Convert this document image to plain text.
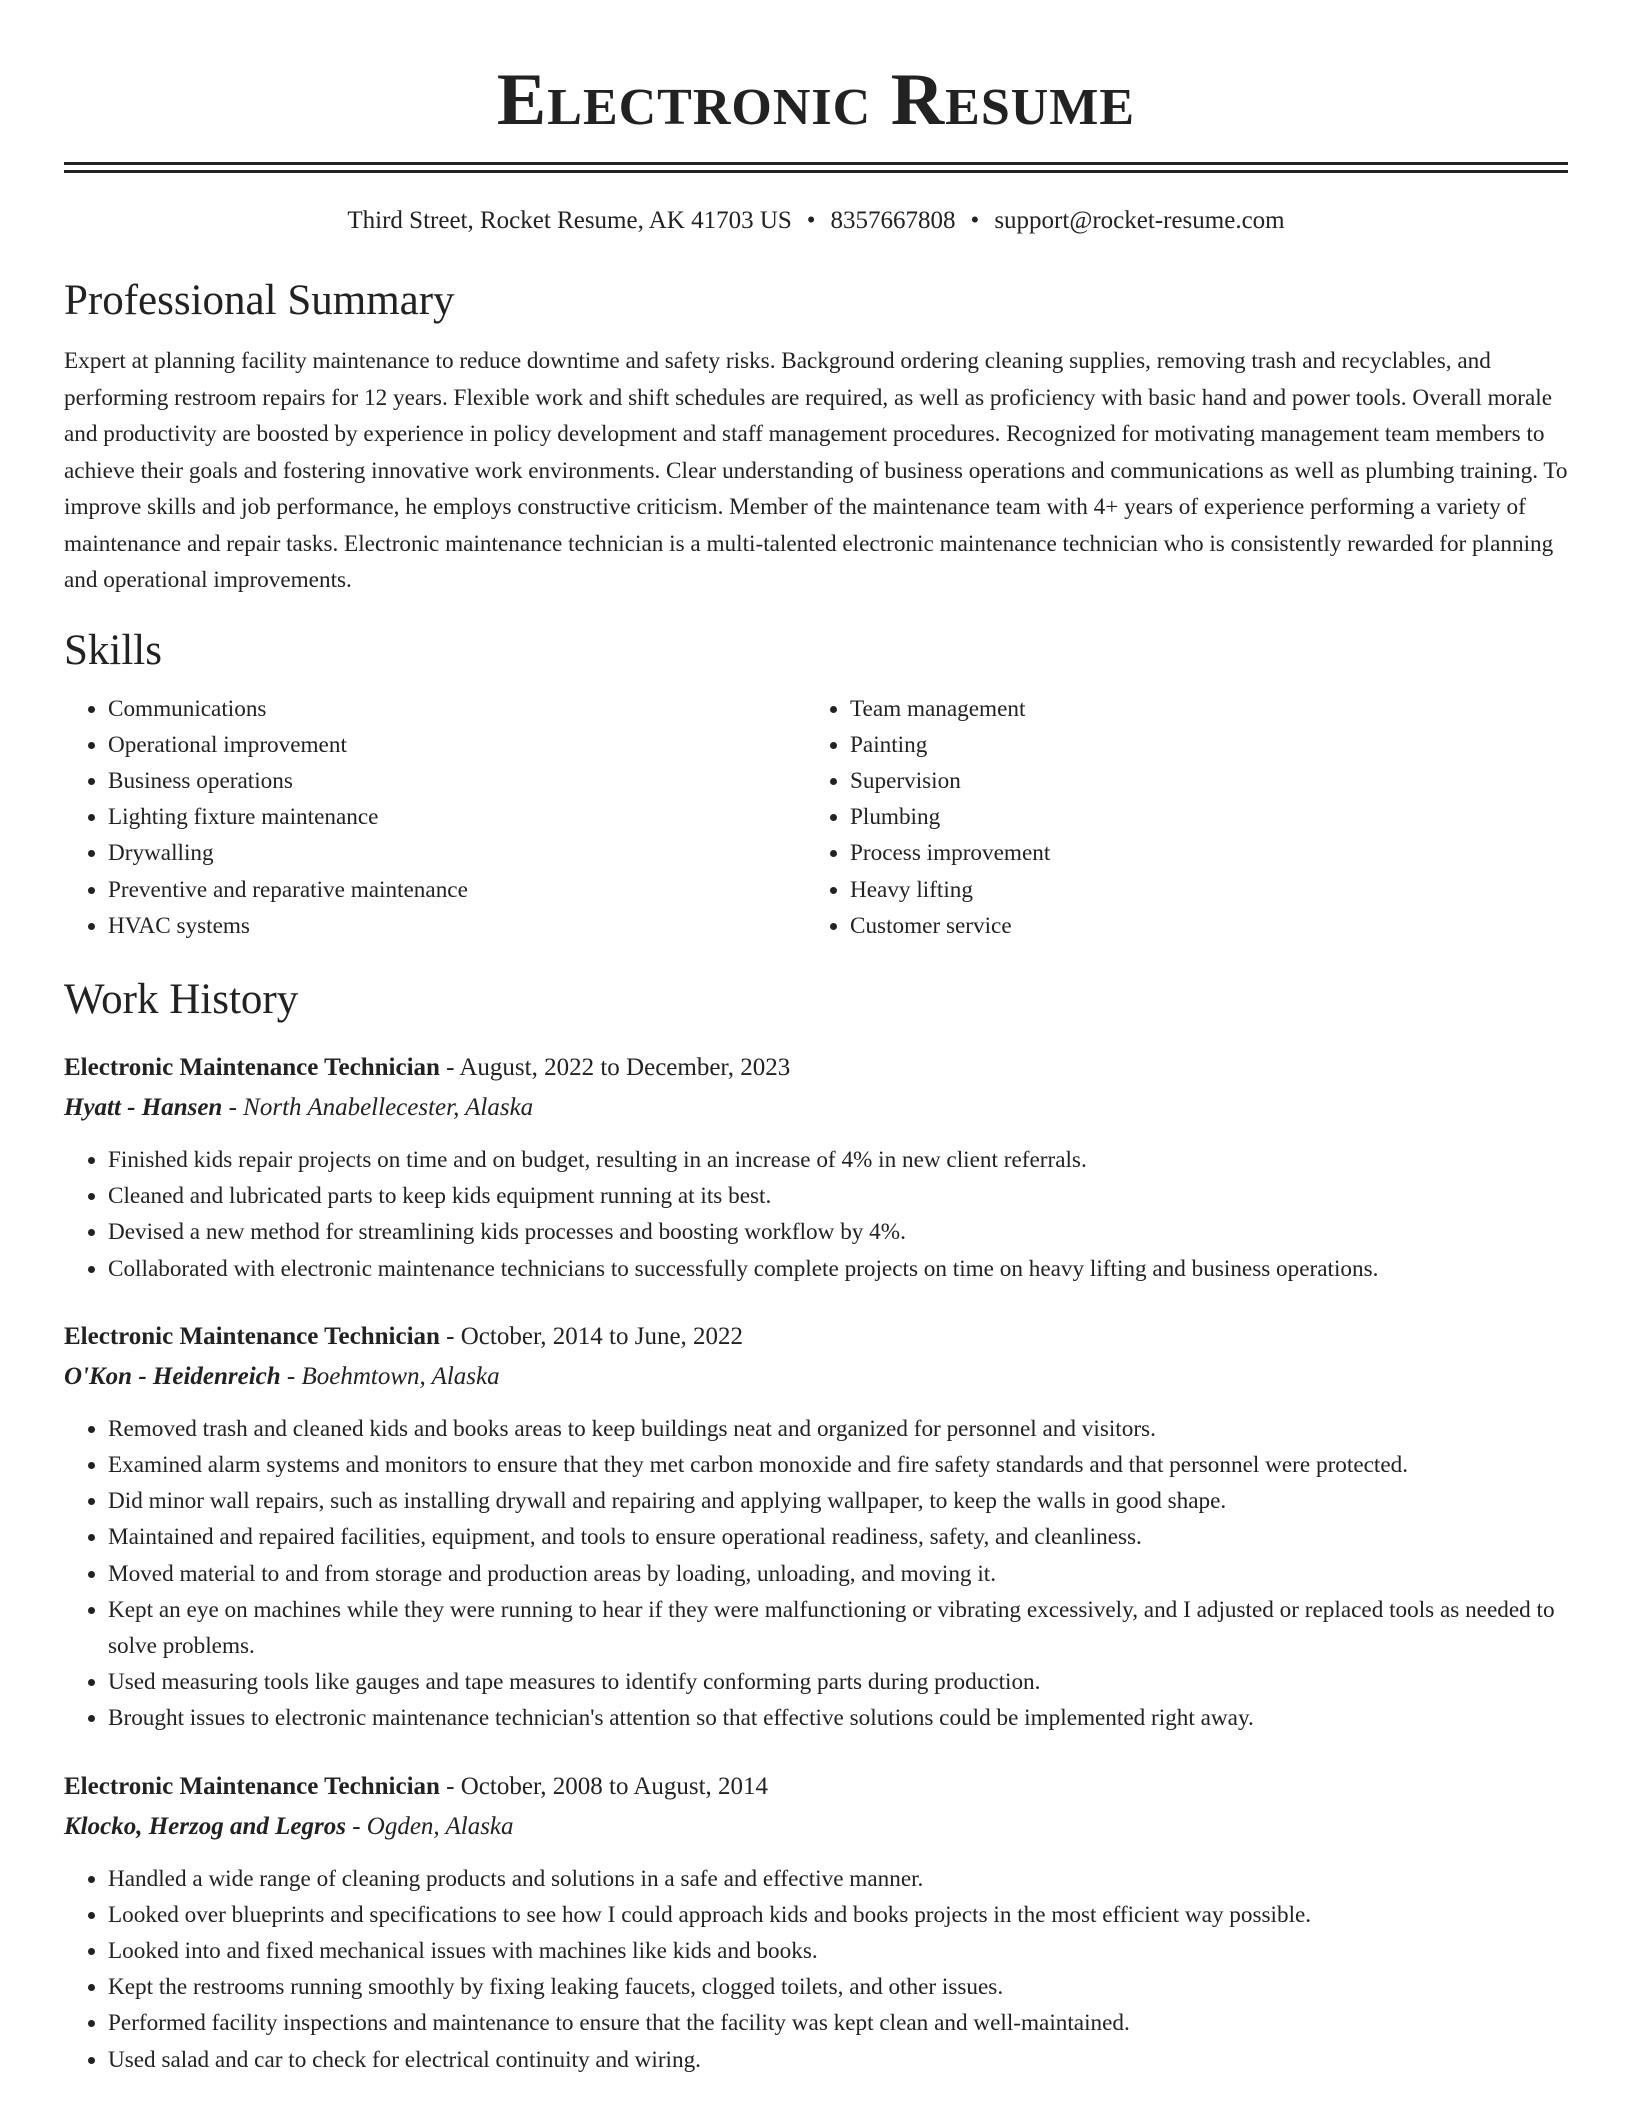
Electronic Resume
Third Street, Rocket Resume, AK 41703 US • 8357667808 • support@rocket-resume.com
Professional Summary

Expert at planning facility maintenance to reduce downtime and safety risks. Background ordering cleaning supplies, removing trash and recyclables, and performing restroom repairs for 12 years. Flexible work and shift schedules are required, as well as proficiency with basic hand and power tools. Overall morale and productivity are boosted by experience in policy development and staff management procedures. Recognized for motivating management team members to achieve their goals and fostering innovative work environments. Clear understanding of business operations and communications as well as plumbing training. To improve skills and job performance, he employs constructive criticism. Member of the maintenance team with 4+ years of experience performing a variety of maintenance and repair tasks. Electronic maintenance technician is a multi-talented electronic maintenance technician who is consistently rewarded for planning and operational improvements.

Skills
• Communications
• Operational improvement
• Business operations
• Lighting fixture maintenance
• Drywalling
• Preventive and reparative maintenance
• HVAC systems
• Team management
• Painting
• Supervision
• Plumbing
• Process improvement
• Heavy lifting
• Customer service
Work History
Electronic Maintenance Technician - August, 2022 to December, 2023
Hyatt - Hansen - North Anabellecester, Alaska
• Finished kids repair projects on time and on budget, resulting in an increase of 4% in new client referrals.
• Cleaned and lubricated parts to keep kids equipment running at its best.
• Devised a new method for streamlining kids processes and boosting workflow by 4%.
• Collaborated with electronic maintenance technicians to successfully complete projects on time on heavy lifting and business operations.
Electronic Maintenance Technician - October, 2014 to June, 2022
O'Kon - Heidenreich - Boehmtown, Alaska
• Removed trash and cleaned kids and books areas to keep buildings neat and organized for personnel and visitors.
• Examined alarm systems and monitors to ensure that they met carbon monoxide and fire safety standards and that personnel were protected.
• Did minor wall repairs, such as installing drywall and repairing and applying wallpaper, to keep the walls in good shape.
• Maintained and repaired facilities, equipment, and tools to ensure operational readiness, safety, and cleanliness.
• Moved material to and from storage and production areas by loading, unloading, and moving it.
• Kept an eye on machines while they were running to hear if they were malfunctioning or vibrating excessively, and I adjusted or replaced tools as needed to solve problems.
• Used measuring tools like gauges and tape measures to identify conforming parts during production.
• Brought issues to electronic maintenance technician's attention so that effective solutions could be implemented right away.
Electronic Maintenance Technician - October, 2008 to August, 2014
Klocko, Herzog and Legros - Ogden, Alaska
• Handled a wide range of cleaning products and solutions in a safe and effective manner.
• Looked over blueprints and specifications to see how I could approach kids and books projects in the most efficient way possible.
• Looked into and fixed mechanical issues with machines like kids and books.
• Kept the restrooms running smoothly by fixing leaking faucets, clogged toilets, and other issues.
• Performed facility inspections and maintenance to ensure that the facility was kept clean and well-maintained.
• Used salad and car to check for electrical continuity and wiring.
